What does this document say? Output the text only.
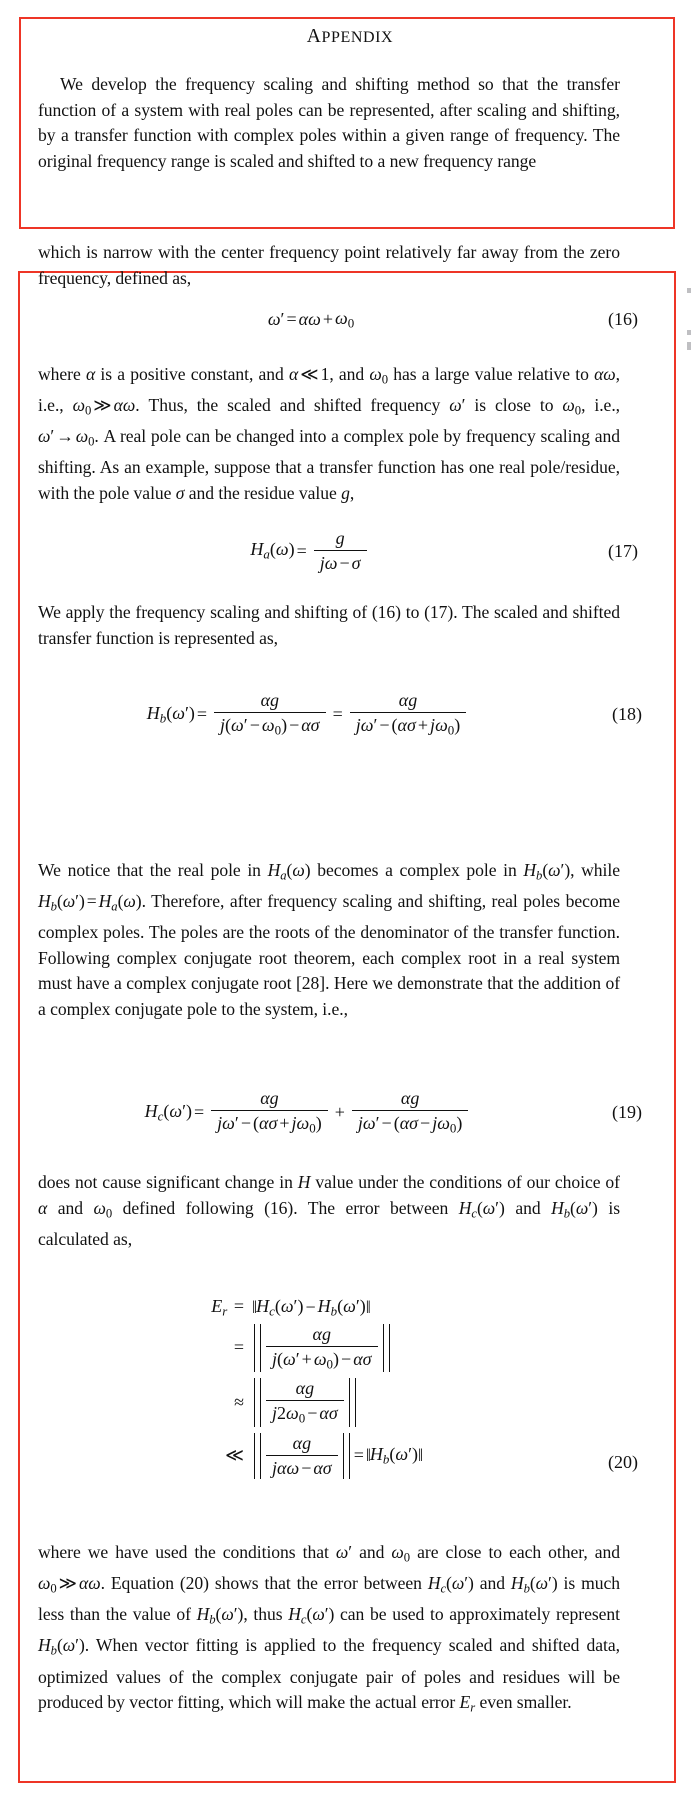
APPENDIX

We develop the frequency scaling and shifting method so that the transfer function of a system with real poles can be represented, after scaling and shifting, by a transfer function with complex poles within a given range of frequency. The original frequency range is scaled and shifted to a new frequency range

which is narrow with the center frequency point relatively far away from the zero frequency, defined as,

ω′ = α $\omega + \omega_0$	(16)

where α is a positive constant, and α ≪ 1, and $\omega_0$ has a large value relative to αω, i.e., $\omega_0$ ≫ αω. Thus, the scaled and shifted frequency ω′ is close to $\omega_0$, i.e., $\omega' \to \omega_0$. A real pole can be changed into a complex pole by frequency scaling and shifting. As an example, suppose that a transfer function has one real pole/residue, with the pole value σ and the residue value g,

$H_a(\omega) = \frac{g}{j\omega - \sigma}$	(17)

We apply the frequency scaling and shifting of (16) to (17). The scaled and shifted transfer function is represented as,

$H_b(\omega') = \frac{\alpha g}{j(\omega' - \omega_0) - \alpha\sigma} = \frac{\alpha g}{j\omega' - (\alpha\sigma + j\omega_0)}$	(18)

We notice that the real pole in $H_a(\omega)$ becomes a complex pole in $H_b(\omega')$, while $H_b(\omega') = H_a(\omega)$. Therefore, after frequency scaling and shifting, real poles become complex poles. The poles are the roots of the denominator of the transfer function. Following complex conjugate root theorem, each complex root in a real system must have a complex conjugate root [28]. Here we demonstrate that the addition of a complex conjugate pole to the system, i.e.,

$H_c(\omega') = \frac{\alpha g}{j\omega' - (\alpha\sigma + j\omega_0)} + \frac{\alpha g}{j\omega' - (\alpha\sigma - j\omega_0)}$	(19)

does not cause significant change in H value under the conditions of our choice of α and $\omega_0$ defined following (16). The error between $H_c(\omega')$ and $H_b(\omega')$ is calculated as,

$E_r$ = ‖ $H_c(\omega') - H_b(\omega')$ ‖
=	$\frac{\alpha g}{j(\omega' + \omega_0) - \alpha\sigma}$
≈	$\frac{\alpha g}{j2\omega_0 - \alpha\sigma}$
≪	$\frac{\alpha g}{\text{jαω − ασ}}$ = ‖ $H_b(\omega')$ ‖	(20)

where we have used the conditions that ω′ and $\omega_0$ are close to each other, and $\omega_0$ ≫ αω. Equation (20) shows that the error between $H_c(\omega')$ and $H_b(\omega')$ is much less than the value of $H_b(\omega')$, thus $H_c(\omega')$ can be used to approximately represent $H_b(\omega')$. When vector fitting is applied to the frequency scaled and shifted data, optimized values of the complex conjugate pair of poles and residues will be produced by vector fitting, which will make the actual error $E_r$ even smaller.
